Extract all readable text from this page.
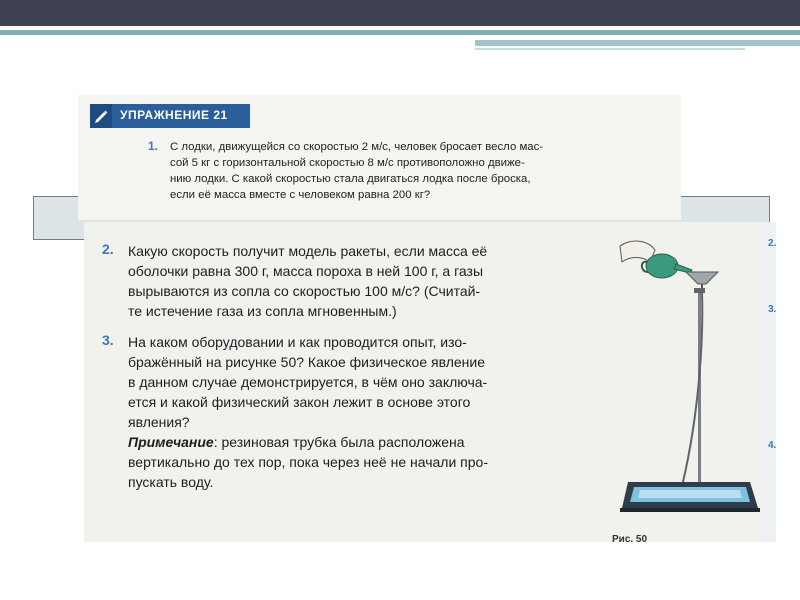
УПРАЖНЕНИЕ 21
1. С лодки, движущейся со скоростью 2 м/с, человек бросает весло мас-
сой 5 кг с горизонтальной скоростью 8 м/с противоположно движе-
нию лодки. С какой скоростью стала двигаться лодка после броска,
если её масса вместе с человеком равна 200 кг?
2. Какую скорость получит модель ракеты, если масса её
оболочки равна 300 г, масса пороха в ней 100 г, а газы
вырываются из сопла со скоростью 100 м/с? (Считай-
те истечение газа из сопла мгновенным.)
3. На каком оборудовании и как проводится опыт, изо-
бражённый на рисунке 50? Какое физическое явление
в данном случае демонстрируется, в чём оно заключа-
ется и какой физический закон лежит в основе этого
явления?
Примечание: резиновая трубка была расположена
вертикально до тех пор, пока через неё не начали про-
пускать воду.
Рис. 50
2.
3.
4.
